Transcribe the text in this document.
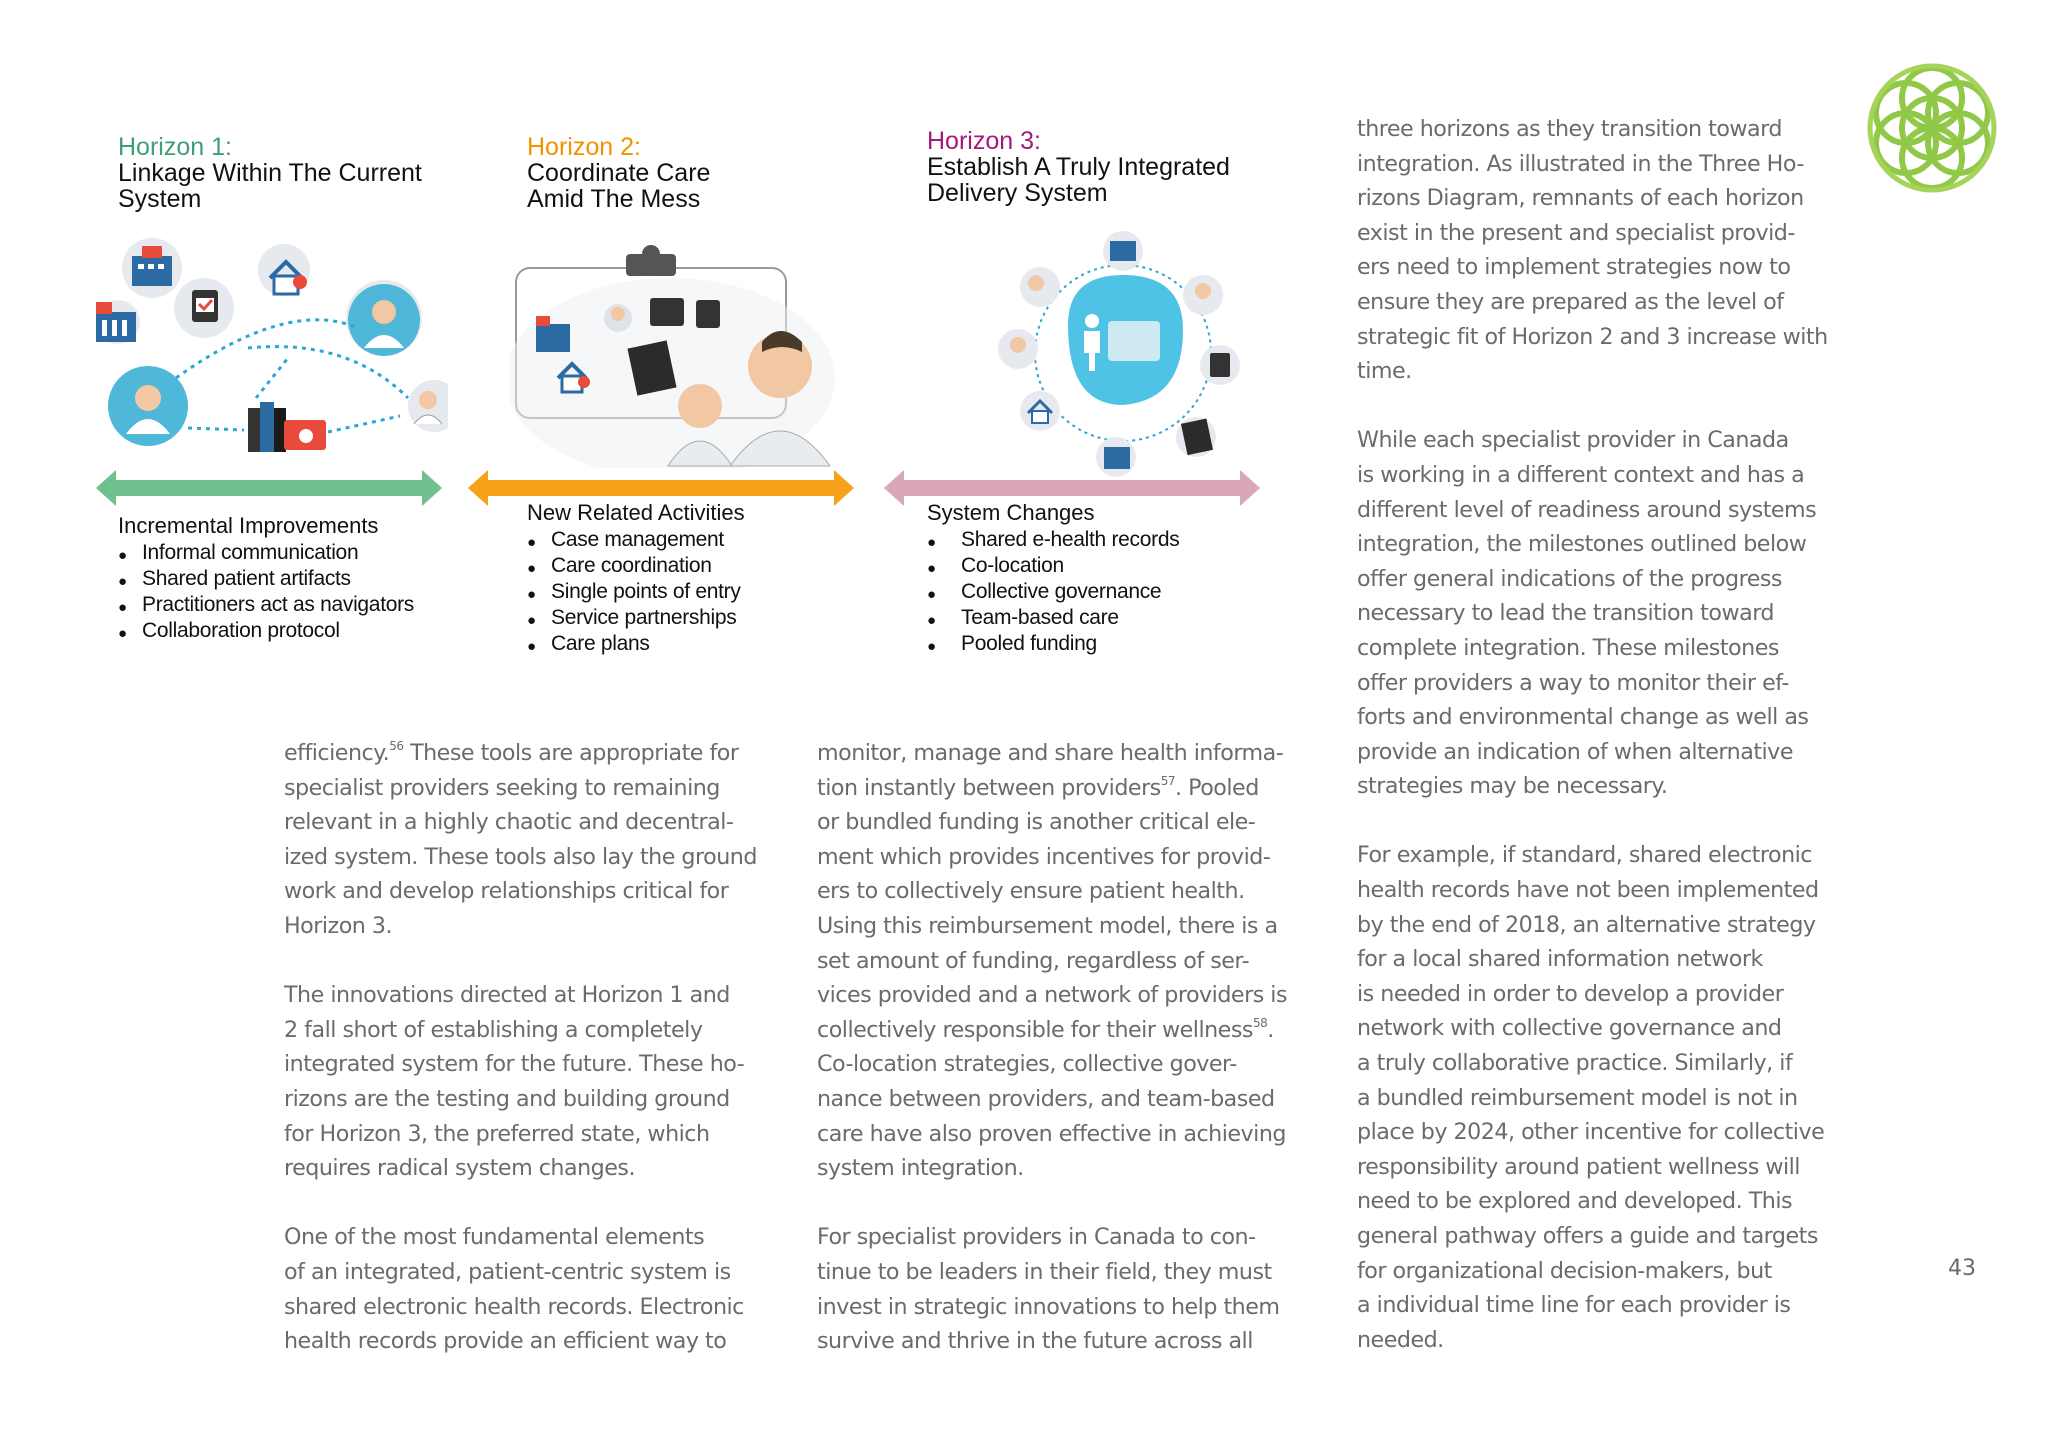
Horizon 1:
Linkage Within The Current
System
Horizon 2:
Coordinate Care
Amid The Mess
Horizon 3:
Establish A Truly Integrated
Delivery System
Incremental Improvements
● Informal communication
● Shared patient artifacts
● Practitioners act as navigators
● Collaboration protocol
New Related Activities
● Case management
● Care coordination
● Single points of entry
● Service partnerships
● Care plans
System Changes
● Shared e-health records
● Co-location
● Collective governance
● Team-based care
● Pooled funding

efficiency.$^{56}$ These tools are appropriate for

specialist providers seeking to remaining

relevant in a highly chaotic and decentral-

ized system. These tools also lay the ground

work and develop relationships critical for

Horizon 3.

The innovations directed at Horizon 1 and

2 fall short of establishing a completely

integrated system for the future. These ho-

rizons are the testing and building ground

for Horizon 3, the preferred state, which

requires radical system changes.

One of the most fundamental elements

of an integrated, patient-centric system is

shared electronic health records. Electronic

health records provide an efficient way to

monitor, manage and share health informa-

tion instantly between providers$^{57}$. Pooled

or bundled funding is another critical ele-

ment which provides incentives for provid-

ers to collectively ensure patient health.

Using this reimbursement model, there is a

set amount of funding, regardless of ser-

vices provided and a network of providers is

collectively responsible for their wellness$^{58}$.

Co-location strategies, collective gover-

nance between providers, and team-based

care have also proven effective in achieving

system integration.

For specialist providers in Canada to con-

tinue to be leaders in their field, they must

invest in strategic innovations to help them

survive and thrive in the future across all

three horizons as they transition toward

integration. As illustrated in the Three Ho-

rizons Diagram, remnants of each horizon

exist in the present and specialist provid-

ers need to implement strategies now to

ensure they are prepared as the level of

strategic fit of Horizon 2 and 3 increase with

time.

While each specialist provider in Canada

is working in a different context and has a

different level of readiness around systems

integration, the milestones outlined below

offer general indications of the progress

necessary to lead the transition toward

complete integration. These milestones

offer providers a way to monitor their ef-

forts and environmental change as well as

provide an indication of when alternative

strategies may be necessary.

For example, if standard, shared electronic

health records have not been implemented

by the end of 2018, an alternative strategy

for a local shared information network

is needed in order to develop a provider

network with collective governance and

a truly collaborative practice. Similarly, if

a bundled reimbursement model is not in

place by 2024, other incentive for collective

responsibility around patient wellness will

need to be explored and developed. This

general pathway offers a guide and targets

for organizational decision-makers, but

a individual time line for each provider is

needed.

43
